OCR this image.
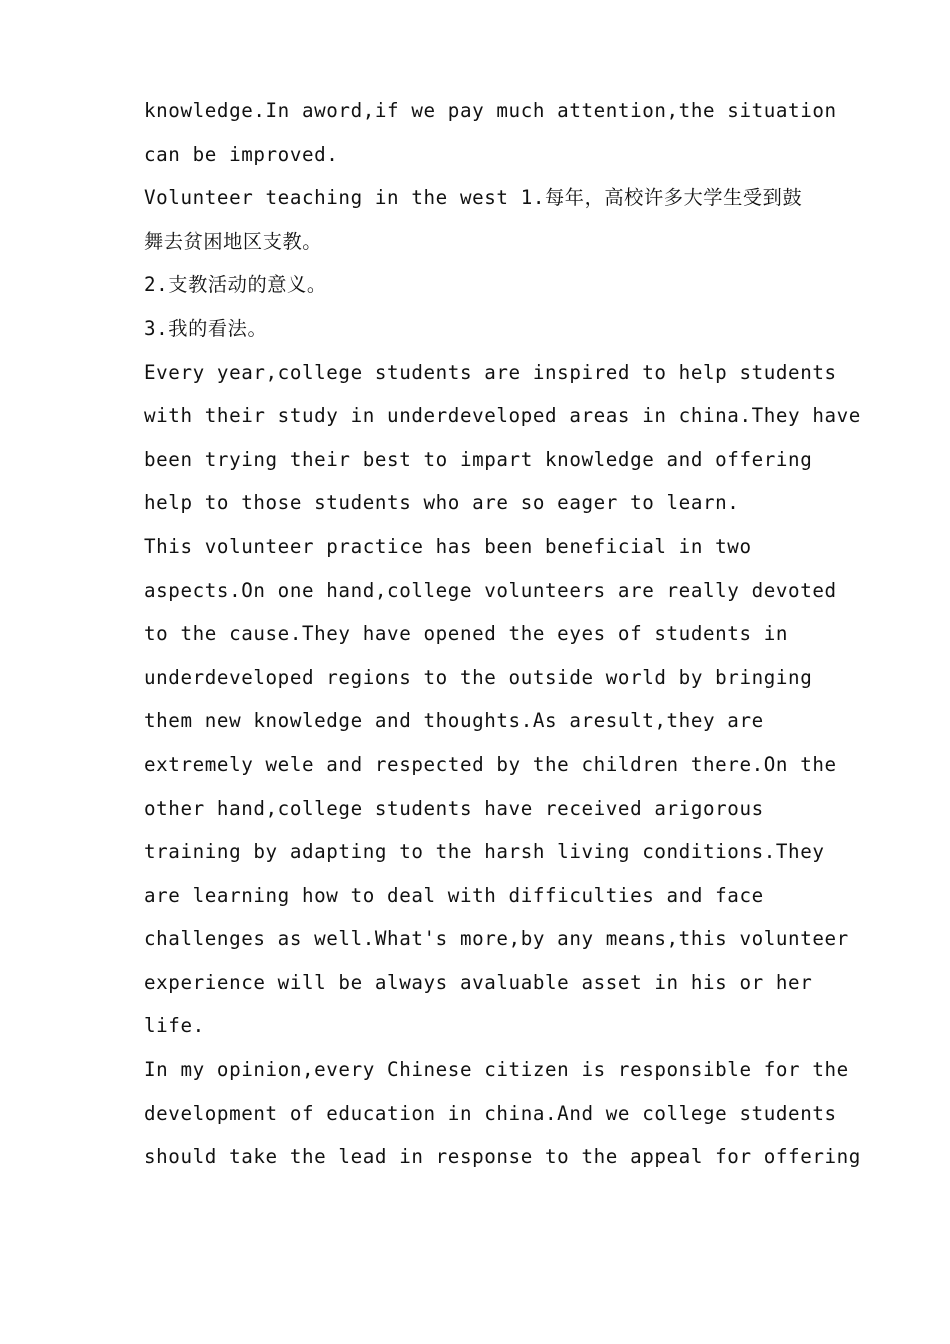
knowledge.In aword,if we pay much attention,the situation
can be improved.
Volunteer teaching in the west 1.每年，高校许多大学生受到鼓
舞去贫困地区支教。
2.支教活动的意义。
3.我的看法。
Every year,college students are inspired to help students
with their study in underdeveloped areas in china.They have
been trying their best to impart knowledge and offering
help to those students who are so eager to learn.
This volunteer practice has been beneficial in two
aspects.On one hand,college volunteers are really devoted
to the cause.They have opened the eyes of students in
underdeveloped regions to the outside world by bringing
them new knowledge and thoughts.As aresult,they are
extremely wele and respected by the children there.On the
other hand,college students have received arigorous
training by adapting to the harsh living conditions.They
are learning how to deal with difficulties and face
challenges as well.What's more,by any means,this volunteer
experience will be always avaluable asset in his or her
life.
In my opinion,every Chinese citizen is responsible for the
development of education in china.And we college students
should take the lead in response to the appeal for offering
